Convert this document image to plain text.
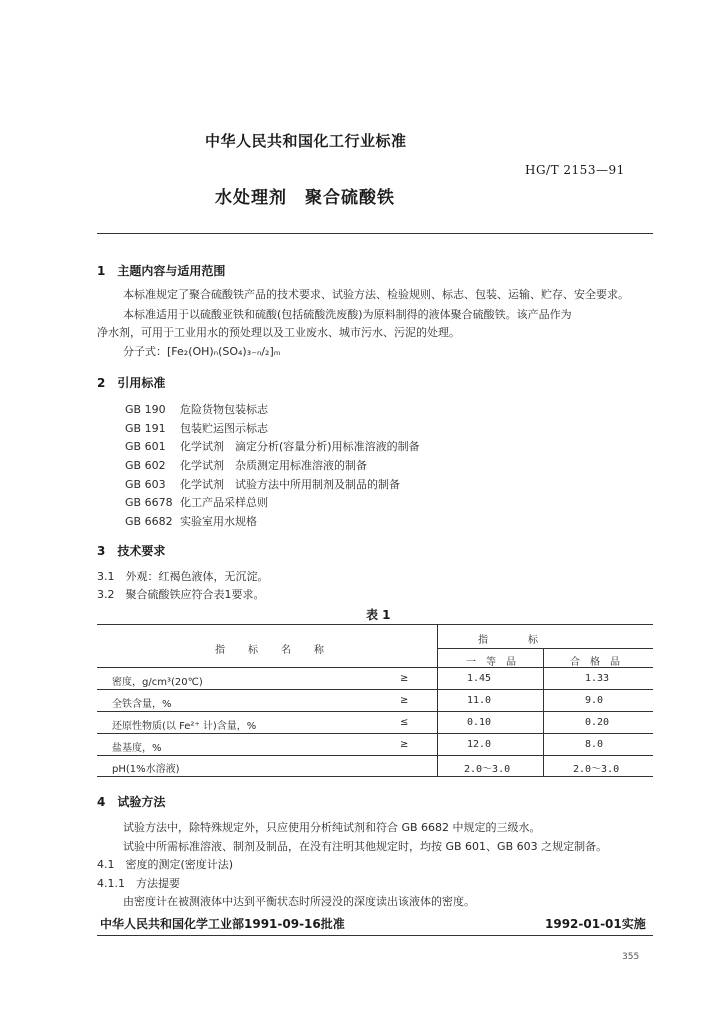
中华人民共和国化工行业标准
HG/T 2153—91
水处理剂　聚合硫酸铁
1　主题内容与适用范围
本标准规定了聚合硫酸铁产品的技术要求、试验方法、检验规则、标志、包装、运输、贮存、安全要求。
本标准适用于以硫酸亚铁和硫酸(包括硫酸洗废酸)为原料制得的液体聚合硫酸铁。该产品作为
净水剂，可用于工业用水的预处理以及工业废水、城市污水、污泥的处理。
分子式：[Fe₂(OH)ₙ(SO₄)₃₋ₙ/₂]ₘ
2　引用标准
GB 190 危险货物包装标志
GB 191 包装贮运图示标志
GB 601 化学试剂　滴定分析(容量分析)用标准溶液的制备
GB 602 化学试剂　杂质测定用标准溶液的制备
GB 603 化学试剂　试验方法中所用制剂及制品的制备
GB 6678 化工产品采样总则
GB 6682 实验室用水规格
3　技术要求
3.1　外观：红褐色液体，无沉淀。
3.2　聚合硫酸铁应符合表1要求。
表 1
指　　标　　名　　称
指　　　　标
一　等　品	合　格　品
密度，g/cm³(20℃)	≥	1.45	1.33
全铁含量，%	≥	11.0	9.0
还原性物质(以 Fe²⁺ 计)含量，%	≤	0.10	0.20
盐基度，%	≥	12.0	8.0
pH(1%水溶液)	2.0～3.0	2.0～3.0
4　试验方法
试验方法中，除特殊规定外，只应使用分析纯试剂和符合 GB 6682 中规定的三级水。
试验中所需标准溶液、制剂及制品，在没有注明其他规定时，均按 GB 601、GB 603 之规定制备。
4.1　密度的测定(密度计法)
4.1.1　方法提要
由密度计在被测液体中达到平衡状态时所浸没的深度读出该液体的密度。
中华人民共和国化学工业部1991-09-16批准	1992-01-01实施
355
